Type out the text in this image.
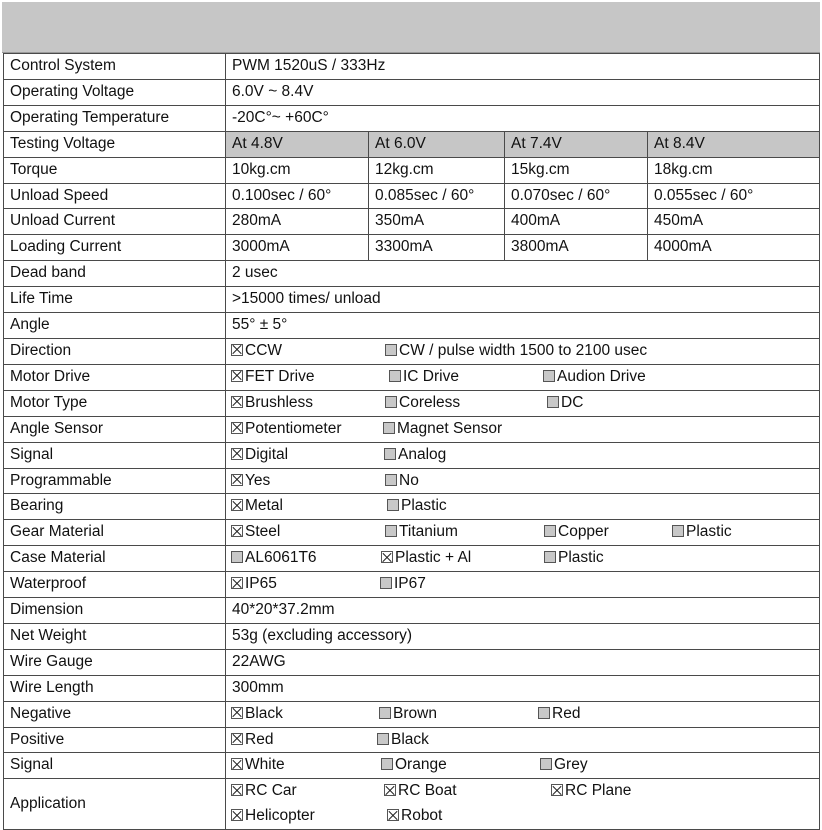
Control System	PWM 1520uS / 333Hz			
Operating Voltage	6.0V ~ 8.4V			
Operating Temperature	-20C°~ +60C°			
Testing Voltage	At 4.8V	At 6.0V	At 7.4V	At 8.4V
Torque	10kg.cm	12kg.cm	15kg.cm	18kg.cm
Unload Speed	0.100sec / 60°	0.085sec / 60°	0.070sec / 60°	0.055sec / 60°
Unload Current	280mA	350mA	400mA	450mA
Loading Current	3000mA	3300mA	3800mA	4000mA
Dead band	2 usec			
Life Time	>15000 times/ unload			
Angle	55° ± 5°			
Direction	CCW CW / pulse width 1500 to 2100 usec			

Motor Drive	FET Drive IC Drive Audion Drive			

Motor Type	Brushless Coreless DC			

Angle Sensor	Potentiometer Magnet Sensor			

Signal	Digital Analog			

Programmable	Yes No			

Bearing	Metal Plastic			

Gear Material	Steel Titanium Copper Plastic			

Case Material	AL6061T6 Plastic + Al Plastic			

Waterproof	IP65 IP67			

Dimension	40*20*37.2mm			
Net Weight	53g (excluding accessory)			
Wire Gauge	22AWG			
Wire Length	300mm			
Negative	Black Brown Red			

Positive	Red Black			

Signal	White Orange Grey			

Application	RC Car RC Boat RC Plane
Helicopter Robot			
